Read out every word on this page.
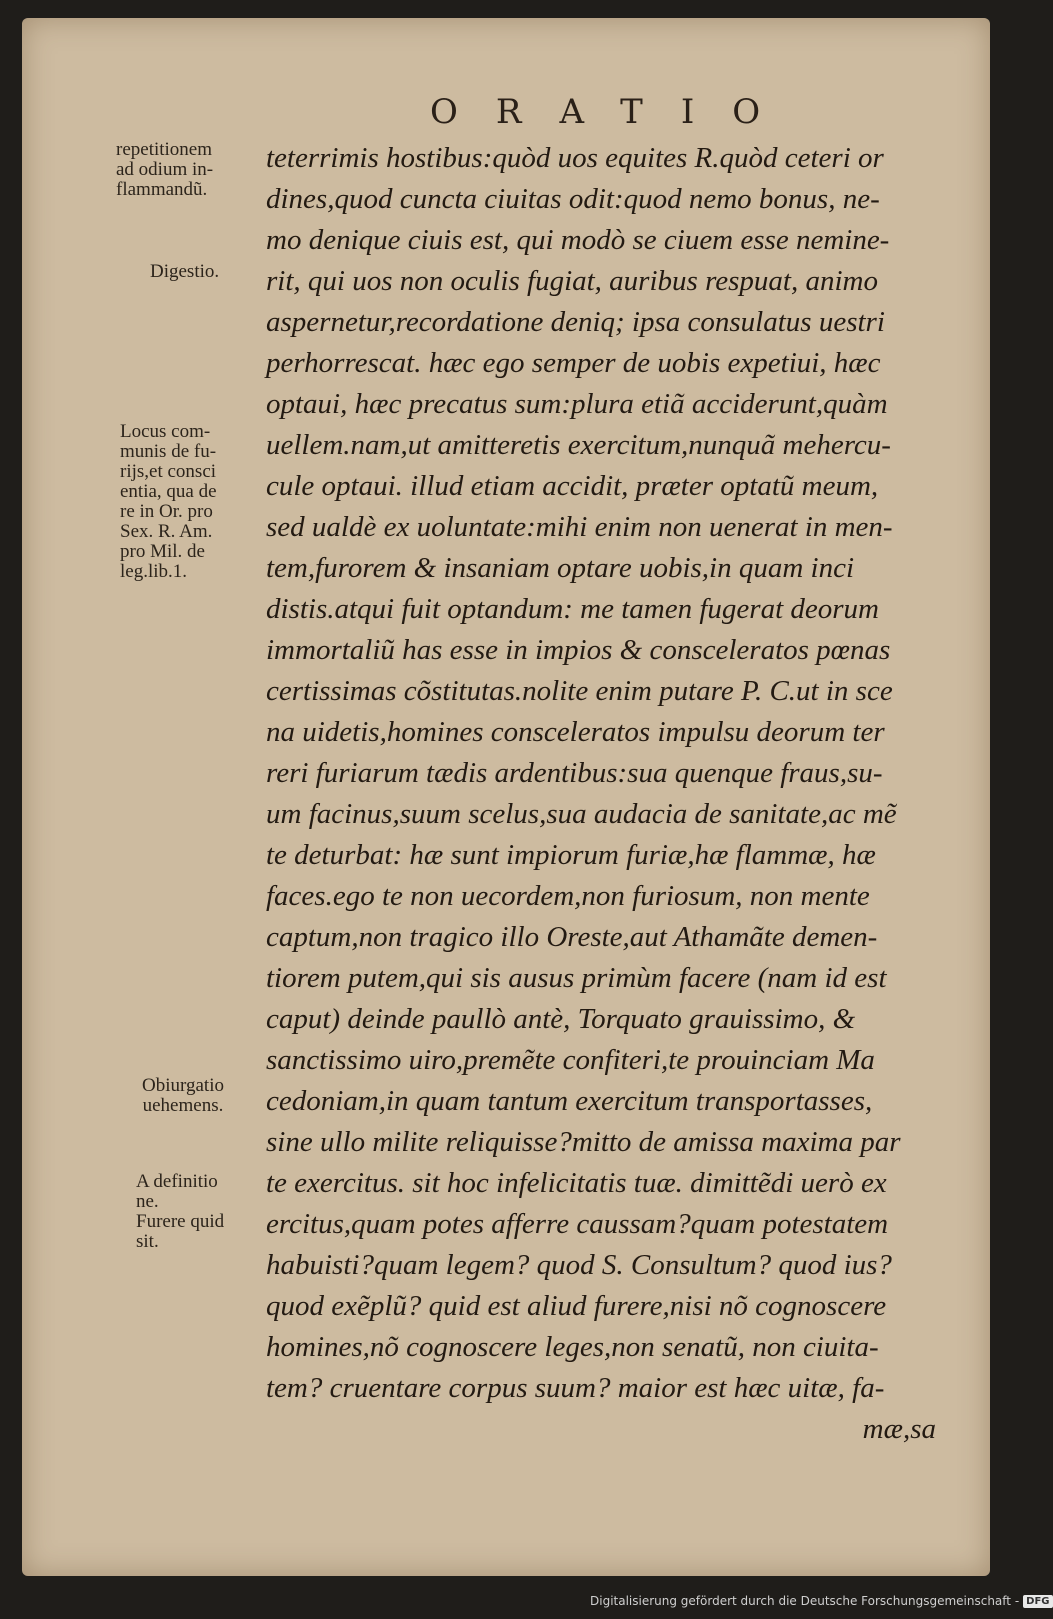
ORATIO
teterrimis hostibus:quòd uos equites R.quòd ceteri or
dines,quod cuncta ciuitas odit:quod nemo bonus, ne-
mo denique ciuis est, qui modò se ciuem esse nemine-
rit, qui uos non oculis fugiat, auribus respuat, animo
aspernetur,recordatione deniq; ipsa consulatus uestri
perhorrescat. hæc ego semper de uobis expetiui, hæc
optaui, hæc precatus sum:plura etiã acciderunt,quàm
uellem.nam,ut amitteretis exercitum,nunquã mehercu-
cule optaui. illud etiam accidit, præter optatũ meum,
sed ualdè ex uoluntate:mihi enim non uenerat in men-
tem,furorem & insaniam optare uobis,in quam inci
distis.atqui fuit optandum: me tamen fugerat deorum
immortaliũ has esse in impios & consceleratos pœnas
certissimas cõstitutas.nolite enim putare P. C.ut in sce
na uidetis,homines consceleratos impulsu deorum ter
reri furiarum tædis ardentibus:sua quenque fraus,su-
um facinus,suum scelus,sua audacia de sanitate,ac mẽ
te deturbat: hæ sunt impiorum furiæ,hæ flammæ, hæ
faces.ego te non uecordem,non furiosum, non mente
captum,non tragico illo Oreste,aut Athamãte demen-
tiorem putem,qui sis ausus primùm facere (nam id est
caput) deinde paullò antè, Torquato grauissimo, &
sanctissimo uiro,premẽte confiteri,te prouinciam Ma
cedoniam,in quam tantum exercitum transportasses,
sine ullo milite reliquisse?mitto de amissa maxima par
te exercitus. sit hoc infelicitatis tuæ. dimittẽdi uerò ex
ercitus,quam potes afferre caussam?quam potestatem
habuisti?quam legem? quod S. Consultum? quod ius?
quod exẽplũ? quid est aliud furere,nisi nõ cognoscere
homines,nõ cognoscere leges,non senatũ, non ciuita-
tem? cruentare corpus suum? maior est hæc uitæ, fa-
mæ,sa
repetitionem
ad odium in-
flammandũ.
Digestio.
Locus com-
munis de fu-
rijs,et consci
entia, qua de
re in Or. pro
Sex. R. Am.
pro Mil. de
leg.lib.1.
Obiurgatio
uehemens.
A definitio
ne.
Furere quid
sit.
Digitalisierung gefördert durch die Deutsche Forschungsgemeinschaft - DFG
